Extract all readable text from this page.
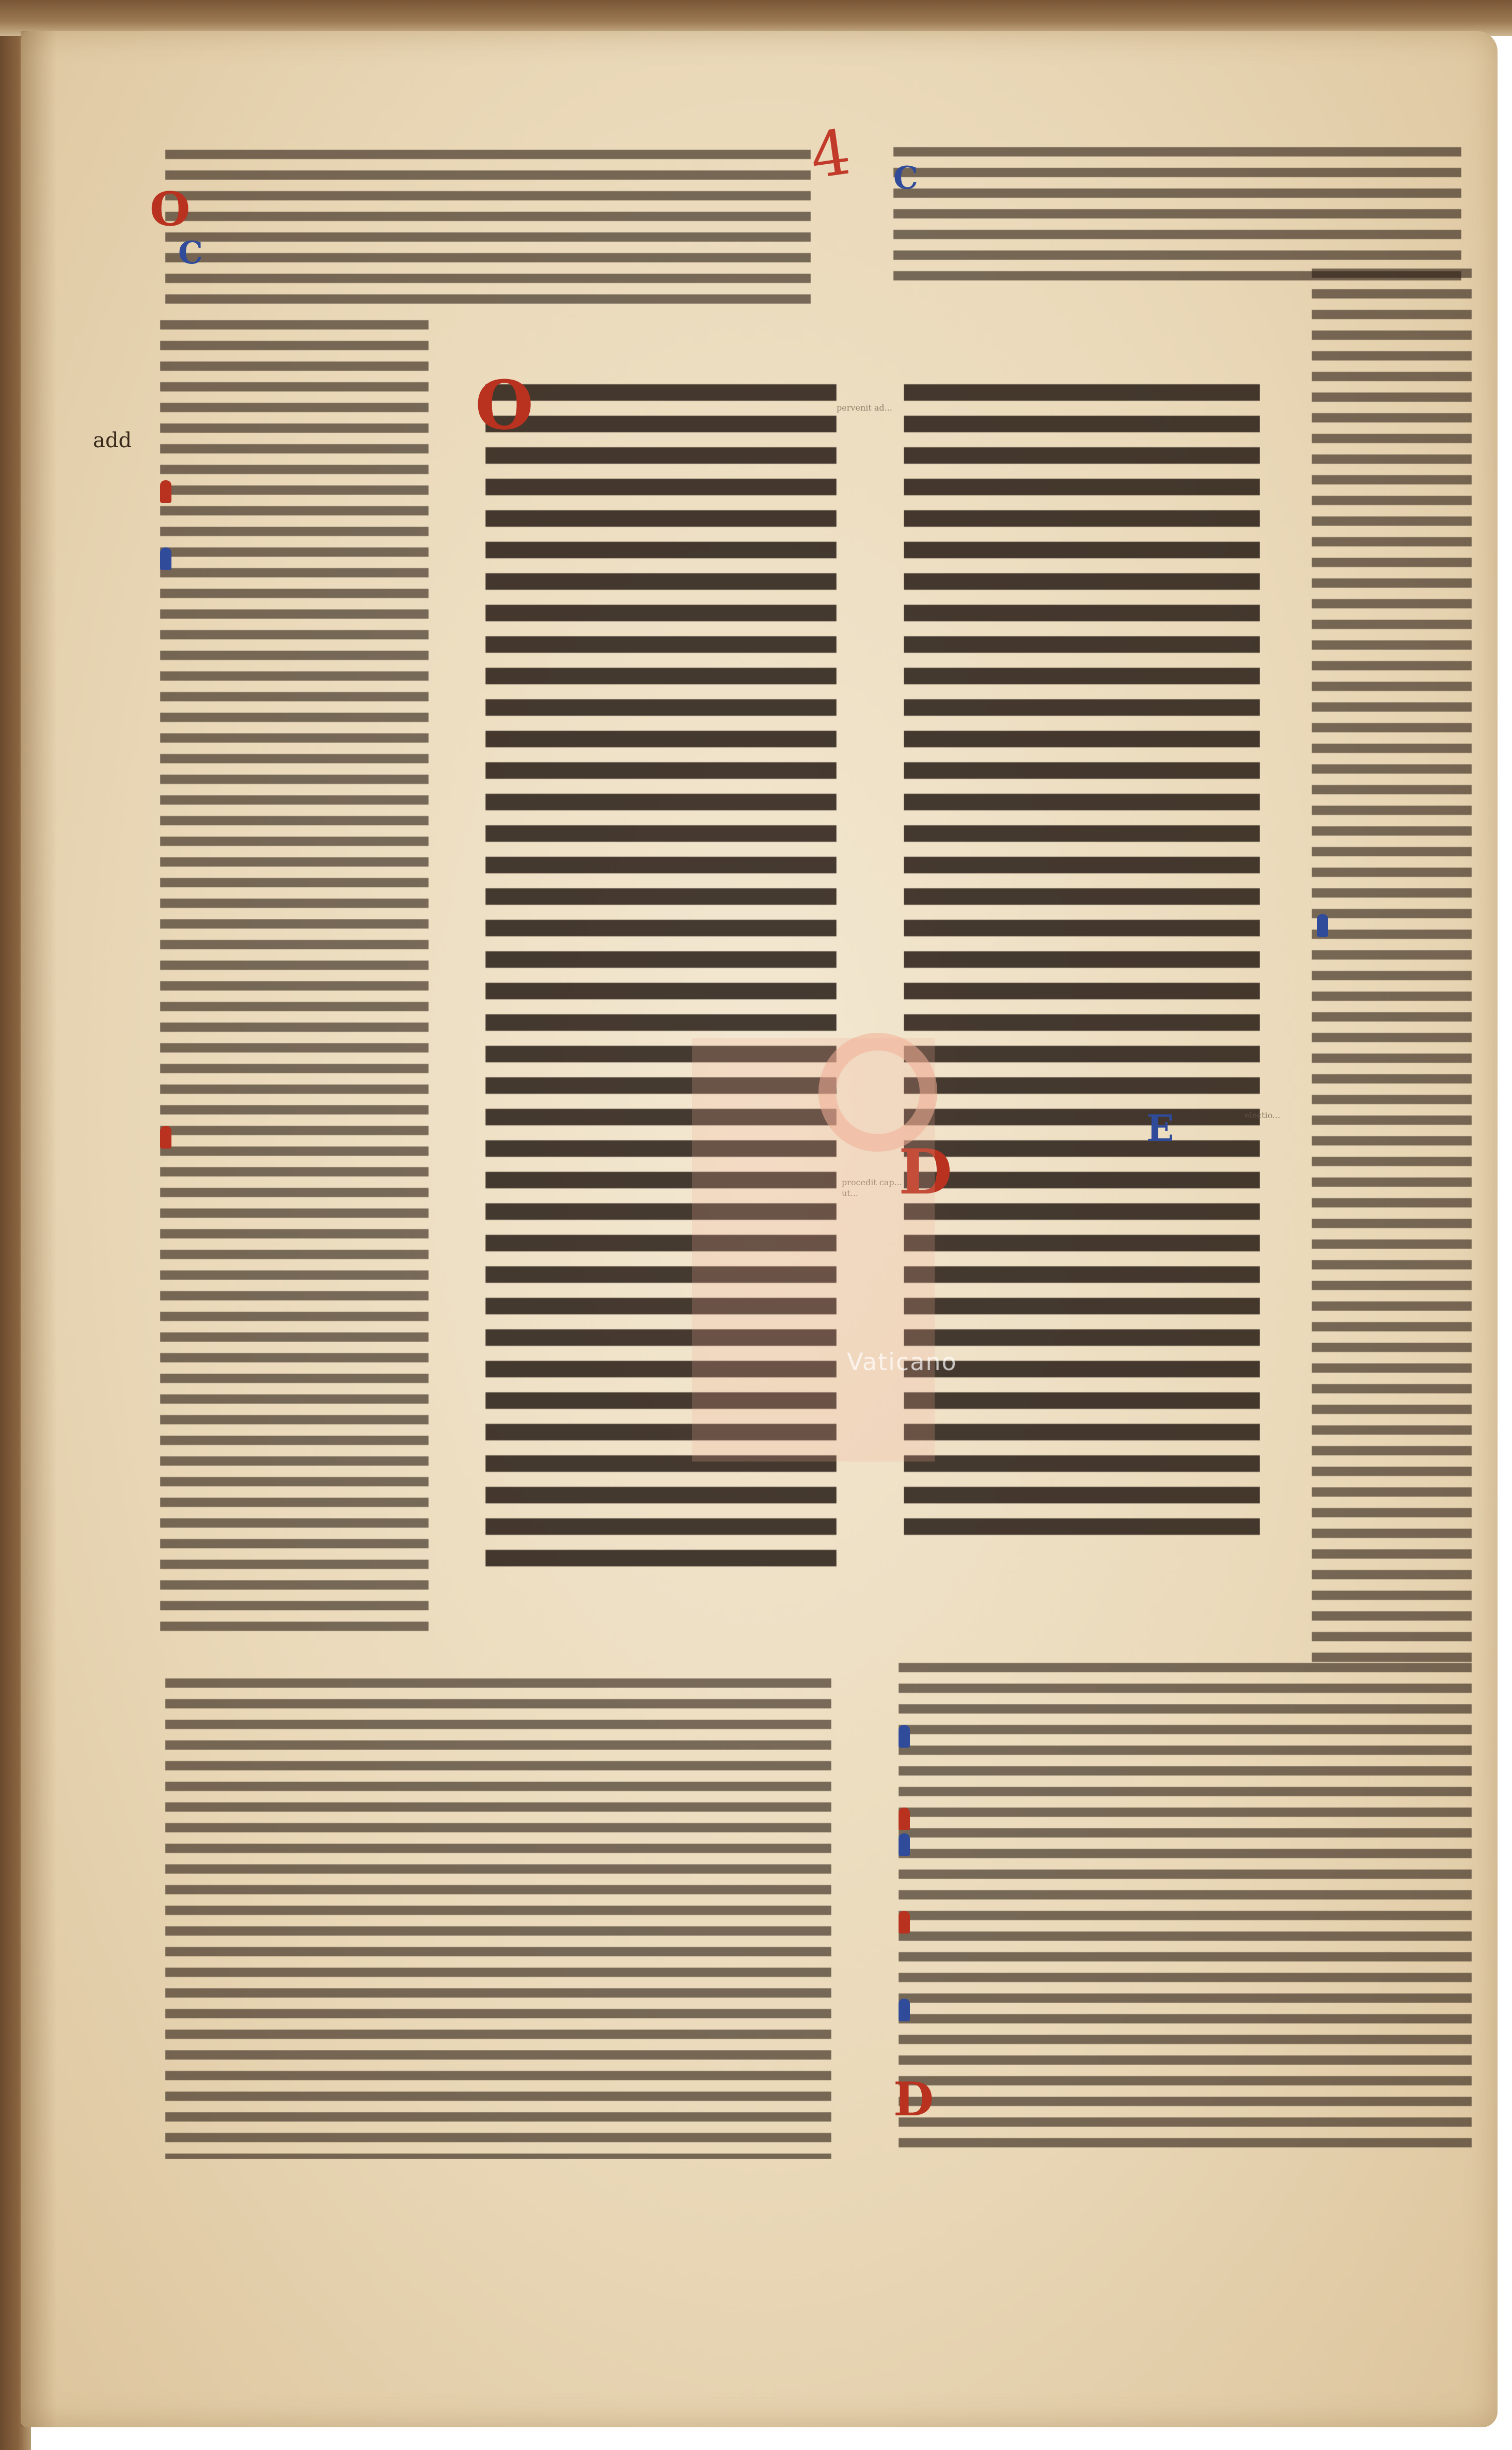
4
add	O
D
E
O
C
C
D
pervenit ad...
procedit cap... ut...
electio...
Vaticano
